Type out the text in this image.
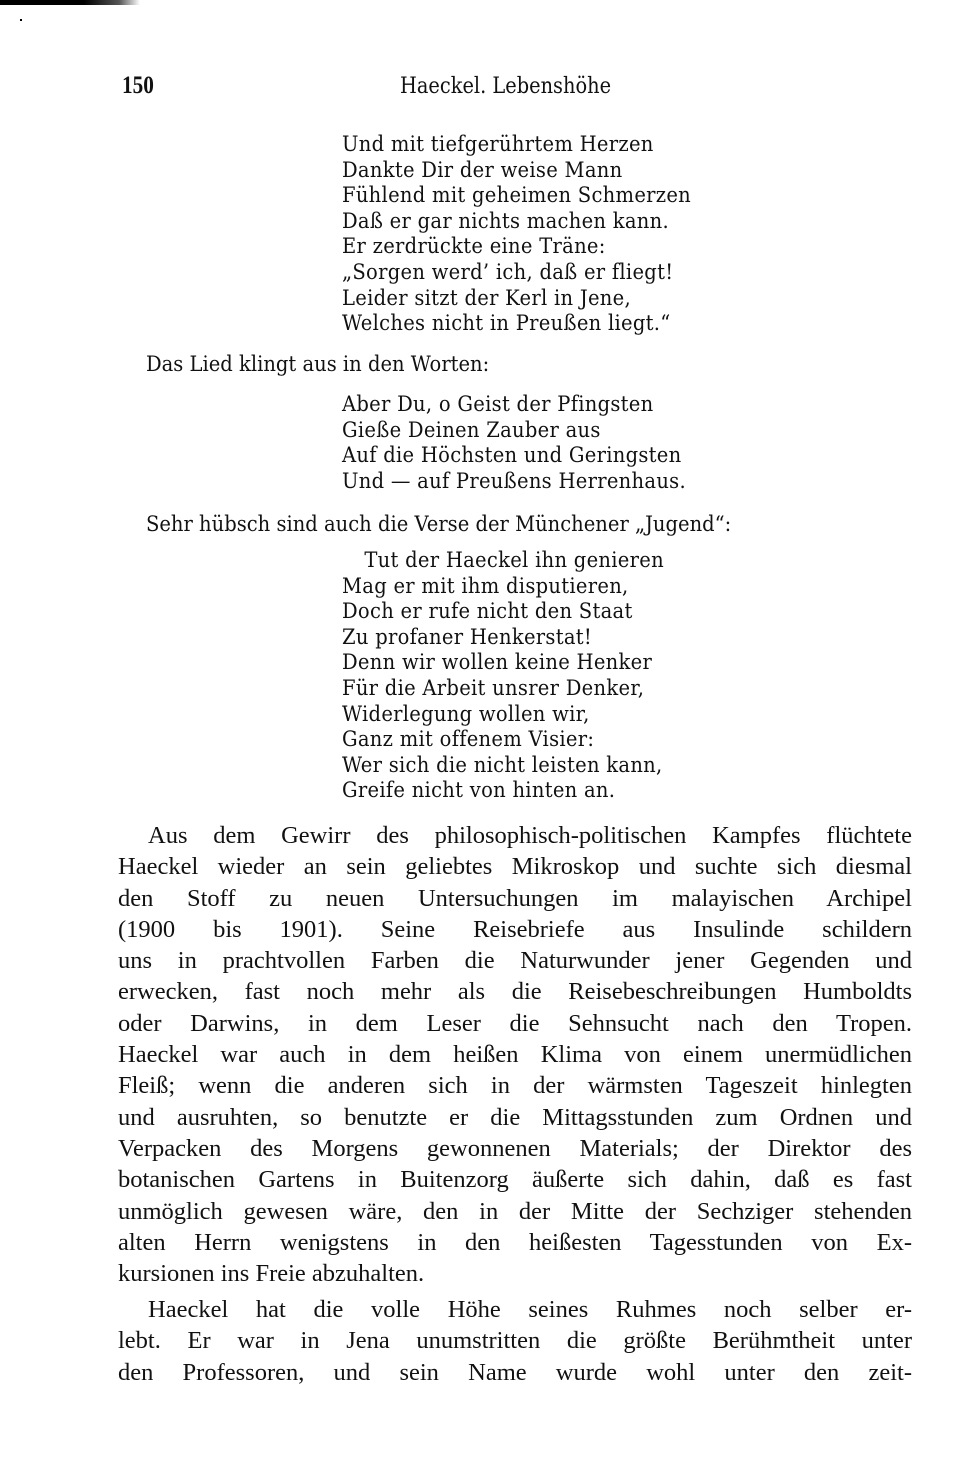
150	Haeckel. Lebenshöhe
Und mit tiefgerührtem Herzen
Dankte Dir der weise Mann
Fühlend mit geheimen Schmerzen
Daß er gar nichts machen kann.
Er zerdrückte eine Träne:
„Sorgen werd’ ich, daß er fliegt!
Leider sitzt der Kerl in Jene,
Welches nicht in Preußen liegt.“
Das Lied klingt aus in den Worten:
Aber Du, o Geist der Pfingsten
Gieße Deinen Zauber aus
Auf die Höchsten und Geringsten
Und — auf Preußens Herrenhaus.
Sehr hübsch sind auch die Verse der Münchener „Jugend“:
Tut der Haeckel ihn genieren
Mag er mit ihm disputieren,
Doch er rufe nicht den Staat
Zu profaner Henkerstat!
Denn wir wollen keine Henker
Für die Arbeit unsrer Denker,
Widerlegung wollen wir,
Ganz mit offenem Visier:
Wer sich die nicht leisten kann,
Greife nicht von hinten an.
Aus dem Gewirr des philosophisch-politischen Kampfes flüchtete
Haeckel wieder an sein geliebtes Mikroskop und suchte sich diesmal
den Stoff zu neuen Untersuchungen im malayischen Archipel
(1900 bis 1901). Seine Reisebriefe aus Insulinde schildern
uns in prachtvollen Farben die Naturwunder jener Gegenden und
erwecken, fast noch mehr als die Reisebeschreibungen Humboldts
oder Darwins, in dem Leser die Sehnsucht nach den Tropen.
Haeckel war auch in dem heißen Klima von einem unermüdlichen
Fleiß; wenn die anderen sich in der wärmsten Tageszeit hinlegten
und ausruhten, so benutzte er die Mittagsstunden zum Ordnen und
Verpacken des Morgens gewonnenen Materials; der Direktor des
botanischen Gartens in Buitenzorg äußerte sich dahin, daß es fast
unmöglich gewesen wäre, den in der Mitte der Sechziger stehenden
alten Herrn wenigstens in den heißesten Tagesstunden von Ex-
kursionen ins Freie abzuhalten.
Haeckel hat die volle Höhe seines Ruhmes noch selber er-
lebt. Er war in Jena unumstritten die größte Berühmtheit unter
den Professoren, und sein Name wurde wohl unter den zeit-
